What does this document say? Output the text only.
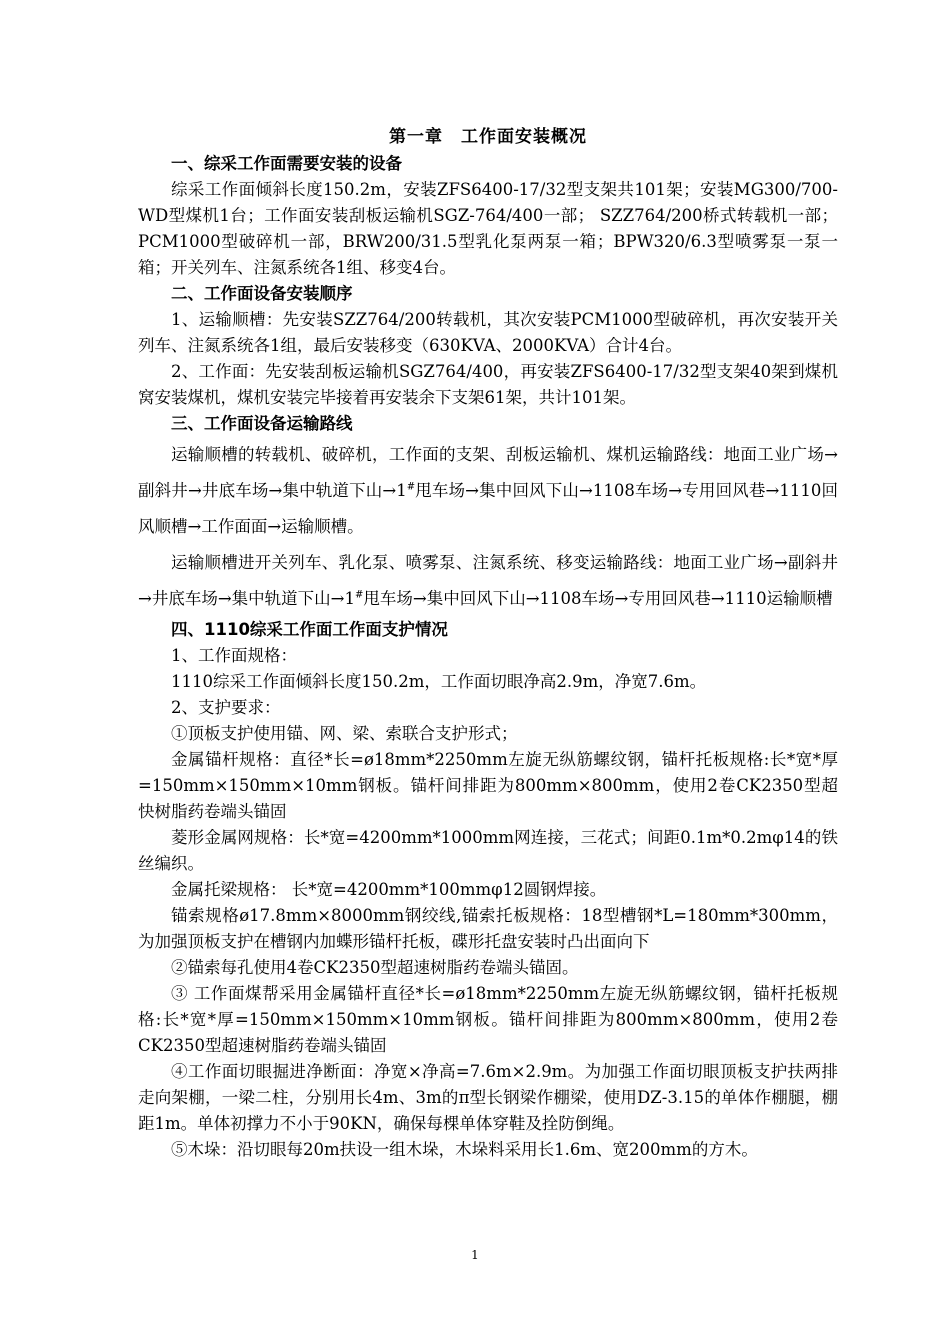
第一章　工作面安装概况
一、综采工作面需要安装的设备

综采工作面倾斜长度150.2m，安装ZFS6400-17/32型支架共101架；安装MG300/700-WD型煤机1台；工作面安装刮板运输机SGZ-764/400一部； SZZ764/200桥式转载机一部； PCM1000型破碎机一部，BRW200/31.5型乳化泵两泵一箱；BPW320/6.3型喷雾泵一泵一箱；开关列车、注氮系统各1组、移变4台。

二、工作面设备安装顺序

1、运输顺槽：先安装SZZ764/200转载机，其次安装PCM1000型破碎机，再次安装开关列车、注氮系统各1组，最后安装移变（630KVA、2000KVA）合计4台。

2、工作面：先安装刮板运输机SGZ764/400，再安装ZFS6400-17/32型支架40架到煤机窝安装煤机，煤机安装完毕接着再安装余下支架61架，共计101架。

三、工作面设备运输路线

运输顺槽的转载机、破碎机，工作面的支架、刮板运输机、煤机运输路线：地面工业广场→副斜井→井底车场→集中轨道下山→1#甩车场→集中回风下山→1108车场→专用回风巷→1110回风顺槽→工作面面→运输顺槽。

运输顺槽进开关列车、乳化泵、喷雾泵、注氮系统、移变运输路线：地面工业广场→副斜井→井底车场→集中轨道下山→1#甩车场→集中回风下山→1108车场→专用回风巷→1110运输顺槽

四、1110综采工作面工作面支护情况

1、工作面规格：

1110综采工作面倾斜长度150.2m，工作面切眼净高2.9m，净宽7.6m。

2、支护要求：

①顶板支护使用锚、网、梁、索联合支护形式；

金属锚杆规格：直径*长=ø18mm*2250mm左旋无纵筋螺纹钢，锚杆托板规格:长*宽*厚=150mm×150mm×10mm钢板。锚杆间排距为800mm×800mm，使用2卷CK2350型超快树脂药卷端头锚固

菱形金属网规格：长*宽=4200mm*1000mm网连接，三花式；间距0.1m*0.2mφ14的铁丝编织。

金属托梁规格： 长*宽=4200mm*100mmφ12圆钢焊接。

锚索规格ø17.8mm×8000mm钢绞线,锚索托板规格：18型槽钢*L=180mm*300mm，为加强顶板支护在槽钢内加蝶形锚杆托板，碟形托盘安装时凸出面向下

②锚索每孔使用4卷CK2350型超速树脂药卷端头锚固。

③ 工作面煤帮采用金属锚杆直径*长=ø18mm*2250mm左旋无纵筋螺纹钢，锚杆托板规格:长*宽*厚=150mm×150mm×10mm钢板。锚杆间排距为800mm×800mm，使用2卷CK2350型超速树脂药卷端头锚固

④工作面切眼掘进净断面：净宽×净高=7.6m×2.9m。为加强工作面切眼顶板支护扶两排走向架棚，一梁二柱，分别用长4m、3m的π型长钢梁作棚梁，使用DZ-3.15的单体作棚腿，棚距1m。单体初撑力不小于90KN，确保每棵单体穿鞋及拴防倒绳。

⑤木垛：沿切眼每20m扶设一组木垛，木垛料采用长1.6m、宽200mm的方木。

1
